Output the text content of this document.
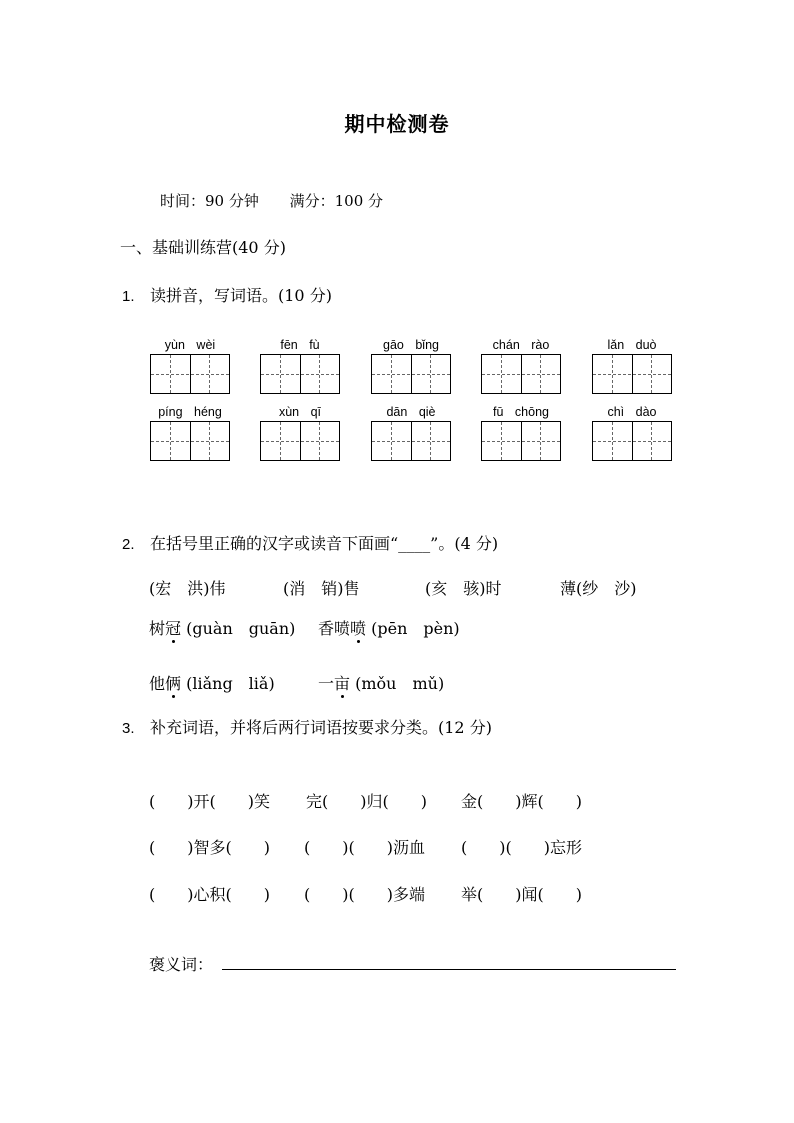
期中检测卷
时间：90 分钟 满分：100 分
一、基础训练营(40 分)
1. 读拼音，写词语。(10 分)
yùn wèi	fēn fù	gāo bǐng	chán rào	lǎn duò
píng héng	xùn qī	dān qiè	fū chōng	chì dào
2. 在括号里正确的汉字或读音下面画“____”。(4 分)
(宏　洪)伟	(消　销)售	(亥　骇)时	薄(纱　沙)
树冠 (guàn　guān) 香喷喷 (pēn　pèn)
他俩 (liǎng　liǎ)	一亩 (mǒu　mǔ)
3. 补充词语，并将后两行词语按要求分类。(12 分)
(　　)开(　　)笑 完(　　)归(　　) 金(　　)辉(　　)
(　　)智多(　　) (　　)(　　)沥血 (　　)(　　)忘形
(　　)心积(　　) (　　)(　　)多端 举(　　)闻(　　)
褒义词：
